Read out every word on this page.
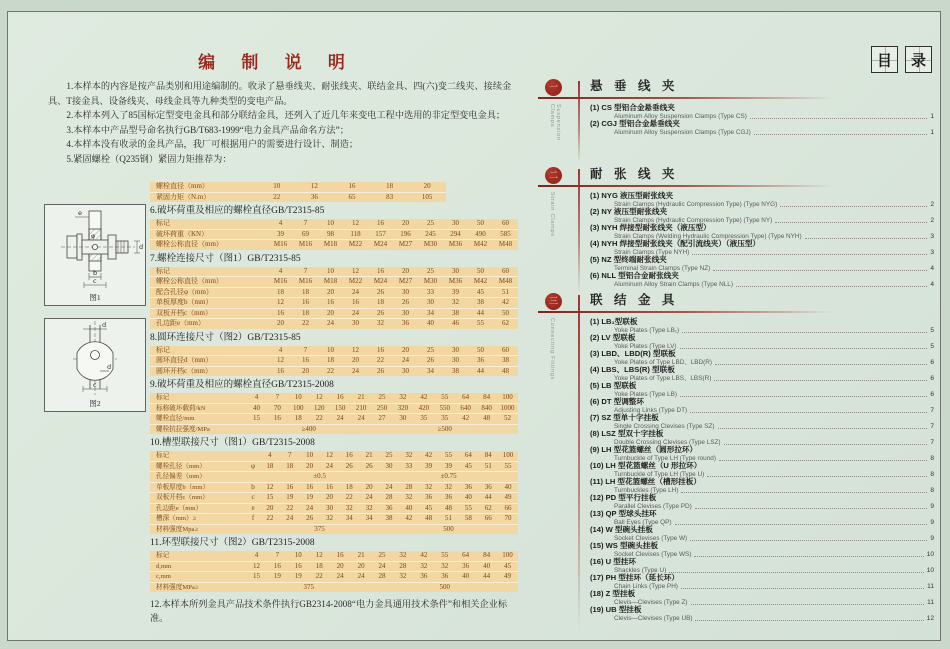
编 制 说 明

1.本样本的内容是按产品类别和用途编制的。收录了悬垂线夹、耐张线夹、联结金具、四(六)变二线夹、接续金具、T接金具、设备线夹、母线金具等九种类型的变电产品。

2.本样本列入了85国标定型变电金具和部分联结金具，还列入了近几年来变电工程中选用的非定型变电金具；

3.本样本中产品型号命名执行GB/T683-1999“电力金具产品命名方法”；

4.本样本没有收录的金具产品，我厂可根据用户的需要进行设计、制造；

5.紧固螺栓（Q235钢）紧固力矩推荐为：

e
φ
d
b
c
图1
d
d
c
图2
螺栓直径（mm）	10	12	16	18	20
紧固力矩（N.m）	22	36	65	83	105
6.破坏荷重及相应的螺栓直径GB/T2315-85
标记	4	7	10	12	16	20	25	30	50	60
破坏荷重（KN）	39	69	98	118	157	196	245	294	490	585
螺栓公称直径（mm）	M16	M16	M18	M22	M24	M27	M30	M36	M42	M48
7.螺栓连接尺寸（图1）GB/T2315-85
标记	4	7	10	12	16	20	25	30	50	60
螺栓公称直径（mm）	M16	M16	M18	M22	M24	M27	M30	M36	M42	M48
配合孔径φ（mm）	18	18	20	24	26	30	33	39	45	51
单板厚度b（mm）	12	16	16	16	18	26	30	32	38	42
双板开档c（mm）	16	18	20	24	26	30	34	38	44	50
孔边距e（mm）	20	22	24	30	32	36	40	46	55	62
8.圆环连接尺寸（图2）GB/T2315-85
标记	4	7	10	12	16	20	25	30	50	60
圆环直径d（mm）	12	16	18	20	22	24	26	30	36	38
圆环开档c（mm）	16	20	22	24	26	30	34	38	44	48
9.破坏荷重及相应的螺栓直径GB/T2315-2008
标记	4	7	10	12	16	21	25	32	42	55	64	84	100
标称破坏载荷/kN	40	70	100	120	150	210	250	320	420	550	640	840	1000
螺栓直径/mm	15	16	18	22	24	24	27	30	35	35	42	48	52
螺栓抗拉强度/MPa	≥400	≥500
10.槽型联接尺寸（图1）GB/T2315-2008
标记	4	7	10	12	16	21	25	32	42	55	64	84	100
螺栓孔径（mm）	φ	18	18	20	24	26	26	30	33	39	39	45	51	55
孔径偏差（mm）	±0.5	±0.75
单板厚度b（mm）	b	12	16	16	16	18	20	24	28	32	32	36	36	40
双板开档c（mm）	c	15	19	19	20	22	24	28	32	36	36	40	44	49
孔边距e（mm）	e	20	22	24	30	32	32	36	40	45	48	55	62	66
槽深（mm）≥	f	22	24	26	32	34	34	38	42	48	51	58	66	70
材料强度Mpa≥	375	500
11.环型联接尺寸（图2）GB/T2315-2008
标记	4	7	10	12	16	21	25	32	42	55	64	84	100
d,mm	12	16	16	18	20	20	24	28	32	32	36	40	45
c,mm	15	19	19	22	24	24	28	32	36	36	40	44	49
材料强度MPa≥	375	500

12.本样本所列金具产品技术条件执行GB2314-2008“电力金具通用技术条件”和相关企业标准。

目	录
一
Suspension Clamps
悬 垂 线 夹
(1) CS 型铝合金悬垂线夹
Aluminum Alloy Suspension Clamps (Type CS)	1
(2) CGJ 型铝合金悬垂线夹
Aluminum Alloy Suspension Clamps (Type CGJ)	1
二
Strain Clamps
耐 张 线 夹
(1) NYG 液压型耐张线夹
Strain Clamps (Hydraulic Compression Type) (Type NYG)	2
(2) NY 液压型耐张线夹
Strain Clamps (Hydraulic Compression Type) (Type NY)	2
(3) NYH 焊接型耐张线夹（液压型）
Strain Clamps (Welding Hydraulic Compression Type) (Type NYH)	3
(4) NYH 焊接型耐张线夹（配引流线夹）（液压型）
Strain Clamps (Type NYH)	3
(5) NZ 型终端耐张线夹
Terminal Strain Clamps (Type NZ)	4
(6) NLL 型铝合金耐张线夹
Aluminum Alloy Strain Clamps (Type NLL)	4
三
Connecting Fittings
联 结 金 具
(1) LB₁型联板
Yoke Plates (Type LB₁)	5
(2) LV 型联板
Yoke Plates (Type LV)	5
(3) LBD、LBD(R) 型联板
Yoke Plates of Type LBD、LBD(R)	6
(4) LBS、LBS(R) 型联板
Yoke Plates of Type LBS、LBS(R)	6
(5) LB 型联板
Yoke Plates (Type LB)	6
(6) DT 型调整环
Adjusting Links (Type DT)	7
(7) SZ 型单十字挂板
Single Crossing Clevises (Type SZ)	7
(8) LSZ 型双十字挂板
Double Crossing Clevises (Type LSZ)	7
(9) LH 型花篮螺丝（圆形拉环）
Turnbuckle of Type LH (Type round)	8
(10) LH 型花篮螺丝（U 形拉环）
Turnbuckle of Type LH (Type U)	8
(11) LH 型花篮螺丝（槽形挂板）
Turnbuckles (Type LH)	8
(12) PD 型平行挂板
Parallel Clevises (Type PD)	9
(13) QP 型球头挂环
Ball Eyes (Type QP)	9
(14) W 型碗头挂板
Socket Clevises (Type W)	9
(15) WS 型碗头挂板
Socket Clevises (Type WS)	10
(16) U 型挂环
Shackles (Type U)	10
(17) PH 型挂环（延长环）
Chain Links (Type PH)	11
(18) Z 型挂板
Clevis—Clevises (Type Z)	11
(19) UB 型挂板
Clevis—Clevises (Type UB)	12
